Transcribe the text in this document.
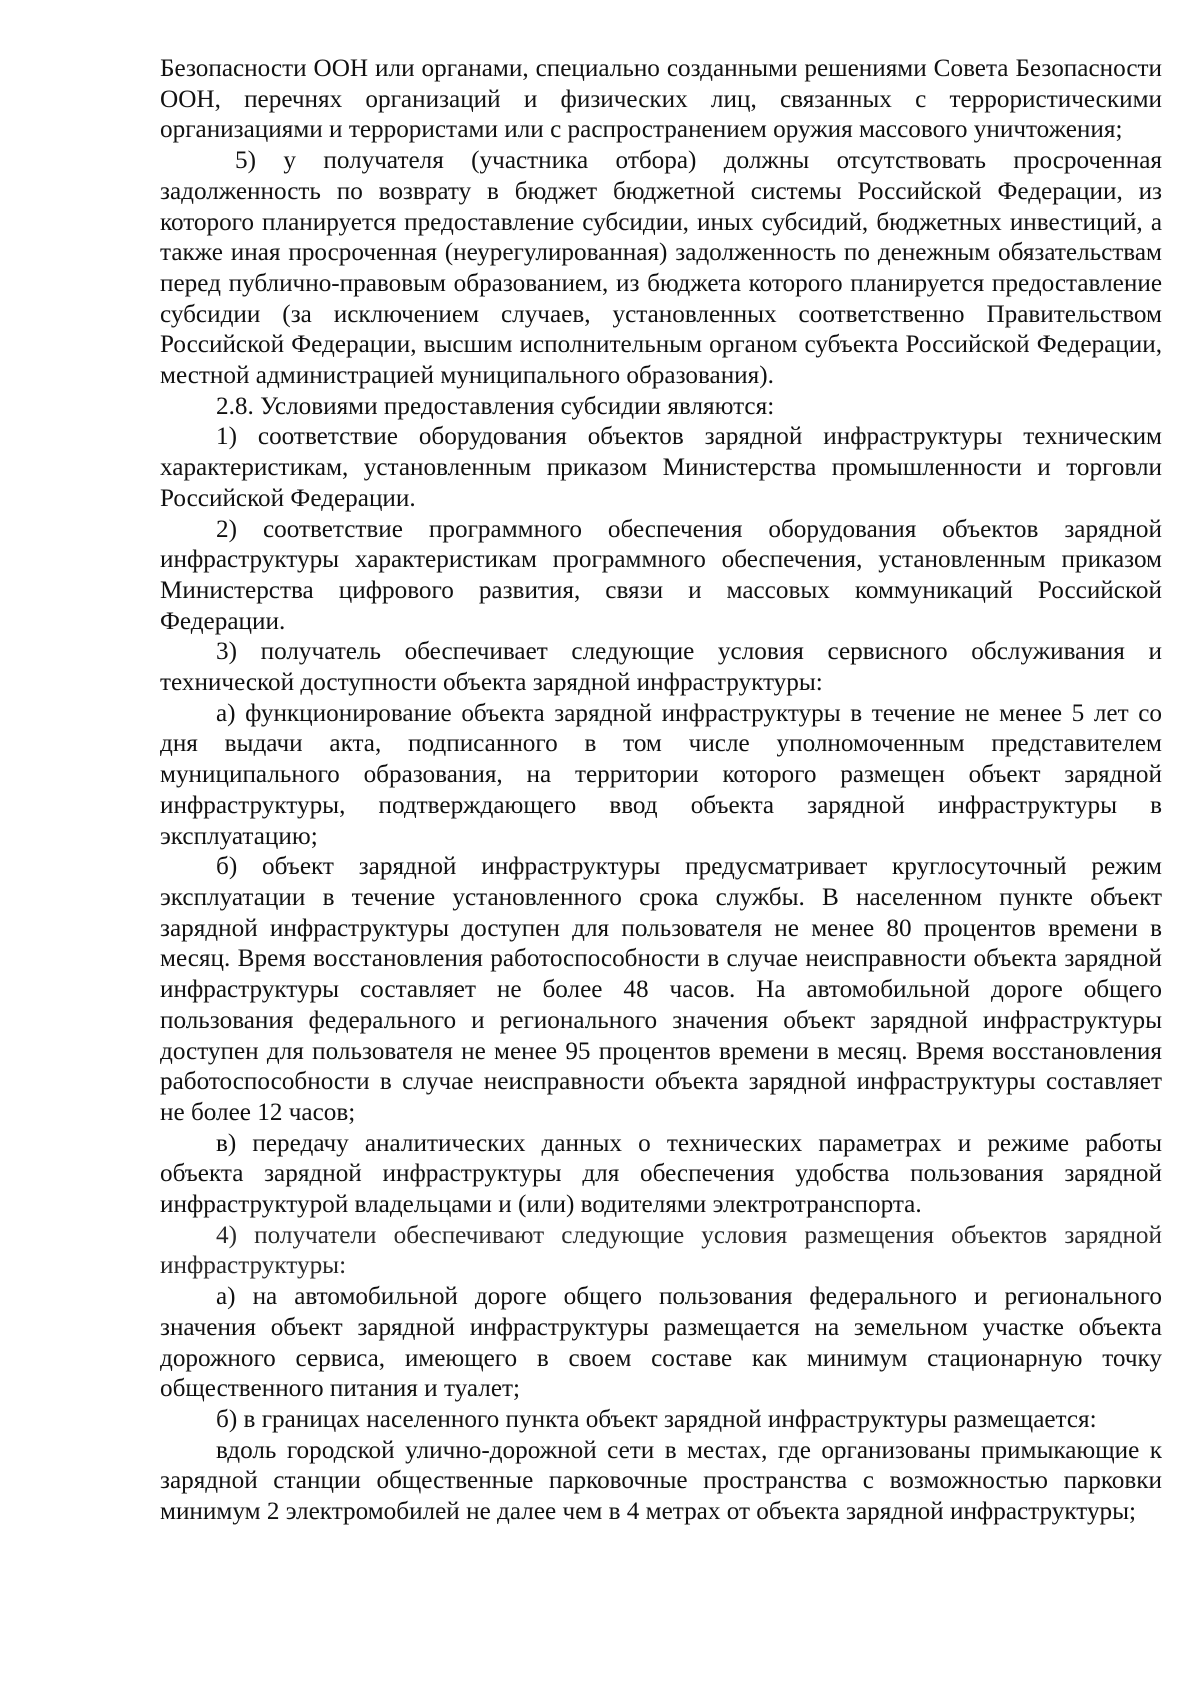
Безопасности ООН или органами, специально созданными решениями Совета Безопасности ООН, перечнях организаций и физических лиц, связанных с террористическими организациями и террористами или с распространением оружия массового уничтожения;

5) у получателя (участника отбора) должны отсутствовать просроченная задолженность по возврату в бюджет бюджетной системы Российской Федерации, из которого планируется предоставление субсидии, иных субсидий, бюджетных инвестиций, а также иная просроченная (неурегулированная) задолженность по денежным обязательствам перед публично-правовым образованием, из бюджета которого планируется предоставление субсидии (за исключением случаев, установленных соответственно Правительством Российской Федерации, высшим исполнительным органом субъекта Российской Федерации, местной администрацией муниципального образования).

2.8. Условиями предоставления субсидии являются:

1) соответствие оборудования объектов зарядной инфраструктуры техническим характеристикам, установленным приказом Министерства промышленности и торговли Российской Федерации.

2) соответствие программного обеспечения оборудования объектов зарядной инфраструктуры характеристикам программного обеспечения, установленным приказом Министерства цифрового развития, связи и массовых коммуникаций Российской Федерации.

3) получатель обеспечивает следующие условия сервисного обслуживания и технической доступности объекта зарядной инфраструктуры:

а) функционирование объекта зарядной инфраструктуры в течение не менее 5 лет со дня выдачи акта, подписанного в том числе уполномоченным представителем муниципального образования, на территории которого размещен объект зарядной инфраструктуры, подтверждающего ввод объекта зарядной инфраструктуры в эксплуатацию;

б) объект зарядной инфраструктуры предусматривает круглосуточный режим эксплуатации в течение установленного срока службы. В населенном пункте объект зарядной инфраструктуры доступен для пользователя не менее 80 процентов времени в месяц. Время восстановления работоспособности в случае неисправности объекта зарядной инфраструктуры составляет не более 48 часов. На автомобильной дороге общего пользования федерального и регионального значения объект зарядной инфраструктуры доступен для пользователя не менее 95 процентов времени в месяц. Время восстановления работоспособности в случае неисправности объекта зарядной инфраструктуры составляет не более 12 часов;

в) передачу аналитических данных о технических параметрах и режиме работы объекта зарядной инфраструктуры для обеспечения удобства пользования зарядной инфраструктурой владельцами и (или) водителями электротранспорта.

4) получатели обеспечивают следующие условия размещения объектов зарядной инфраструктуры:

а) на автомобильной дороге общего пользования федерального и регионального значения объект зарядной инфраструктуры размещается на земельном участке объекта дорожного сервиса, имеющего в своем составе как минимум стационарную точку общественного питания и туалет;

б) в границах населенного пункта объект зарядной инфраструктуры размещается:

вдоль городской улично-дорожной сети в местах, где организованы примыкающие к зарядной станции общественные парковочные пространства с возможностью парковки минимум 2 электромобилей не далее чем в 4 метрах от объекта зарядной инфраструктуры;
